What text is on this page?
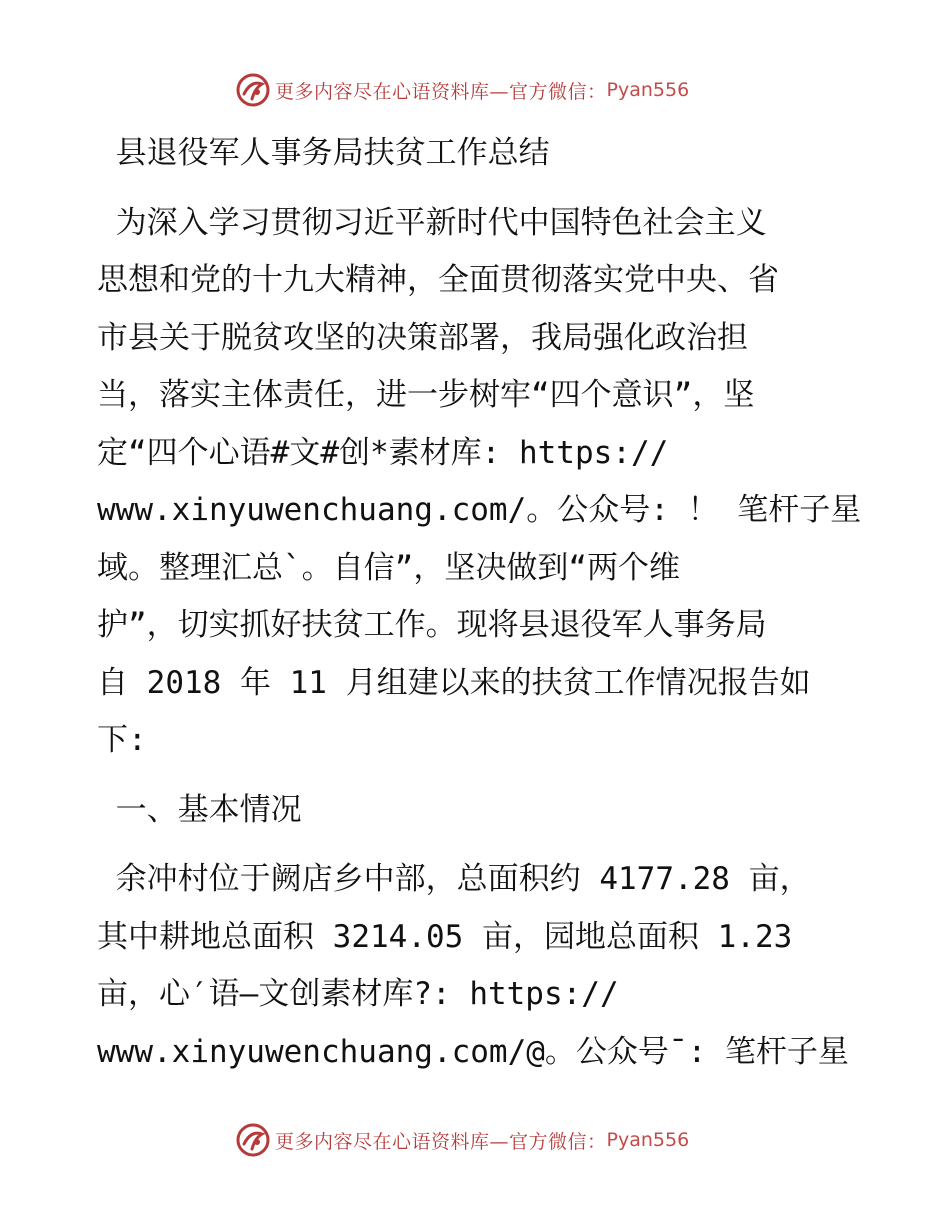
更多内容尽在心语资料库—官方微信： Pyan556
县退役军人事务局扶贫工作总结
为深入学习贯彻习近平新时代中国特色社会主义
思想和党的十九大精神，全面贯彻落实党中央、省
市县关于脱贫攻坚的决策部署，我局强化政治担
当，落实主体责任，进一步树牢“四个意识”，坚
定“四个心语#文#创*素材库: https://
www.xinyuwenchuang.com/。公众号: ！ 笔杆子星
域。整理汇总`。自信”，坚决做到“两个维
护”，切实抓好扶贫工作。现将县退役军人事务局
自 2018 年 11 月组建以来的扶贫工作情况报告如
下:
一、基本情况
余冲村位于阙店乡中部，总面积约 4177.28 亩，
其中耕地总面积 3214.05 亩，园地总面积 1.23
亩，心′语—文创素材库?: https://
www.xinyuwenchuang.com/@。公众号¯: 笔杆子星
更多内容尽在心语资料库—官方微信： Pyan556
